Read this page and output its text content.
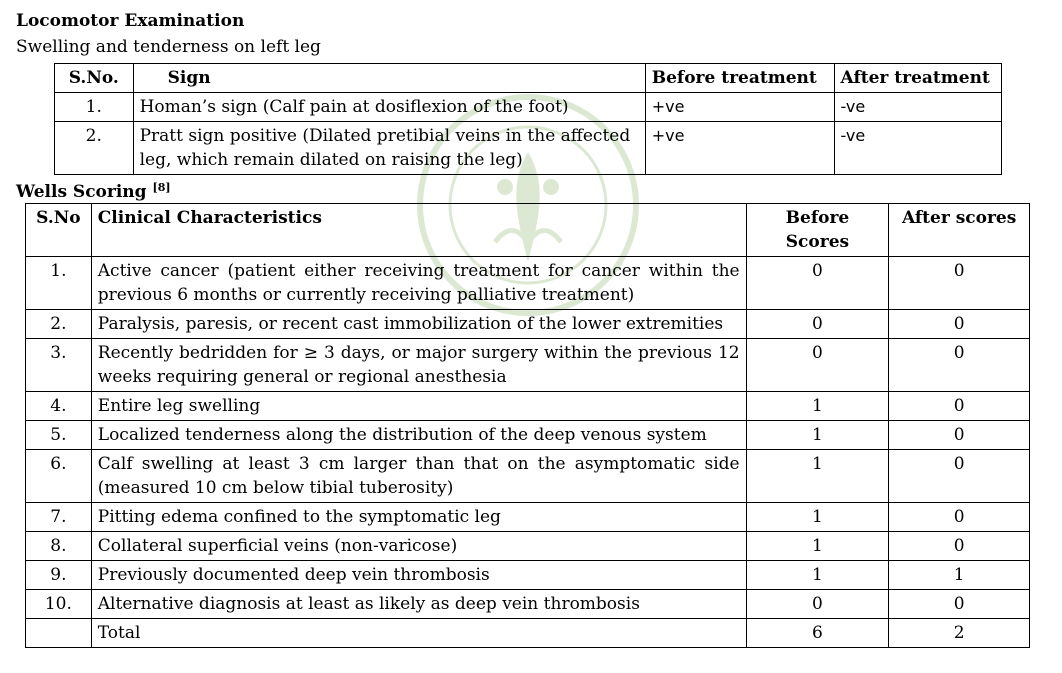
Locomotor Examination
Swelling and tenderness on left leg
S.No.	Sign	Before treatment	After treatment
1.	Homan’s sign (Calf pain at dosiflexion of the foot)	+ve	-ve
2.	Pratt sign positive (Dilated pretibial veins in the affected leg, which remain dilated on raising the leg)	+ve	-ve
Wells Scoring [8]
S.No	Clinical Characteristics	Before Scores	After scores
1.	Active cancer (patient either receiving treatment for cancer within the previous 6 months or currently receiving palliative treatment)	0	0
2.	Paralysis, paresis, or recent cast immobilization of the lower extremities	0	0
3.	Recently bedridden for ≥ 3 days, or major surgery within the previous 12 weeks requiring general or regional anesthesia	0	0
4.	Entire leg swelling	1	0
5.	Localized tenderness along the distribution of the deep venous system	1	0
6.	Calf swelling at least 3 cm larger than that on the asymptomatic side (measured 10 cm below tibial tuberosity)	1	0
7.	Pitting edema confined to the symptomatic leg	1	0
8.	Collateral superficial veins (non-varicose)	1	0
9.	Previously documented deep vein thrombosis	1	1
10.	Alternative diagnosis at least as likely as deep vein thrombosis	0	0
	Total	6	2
